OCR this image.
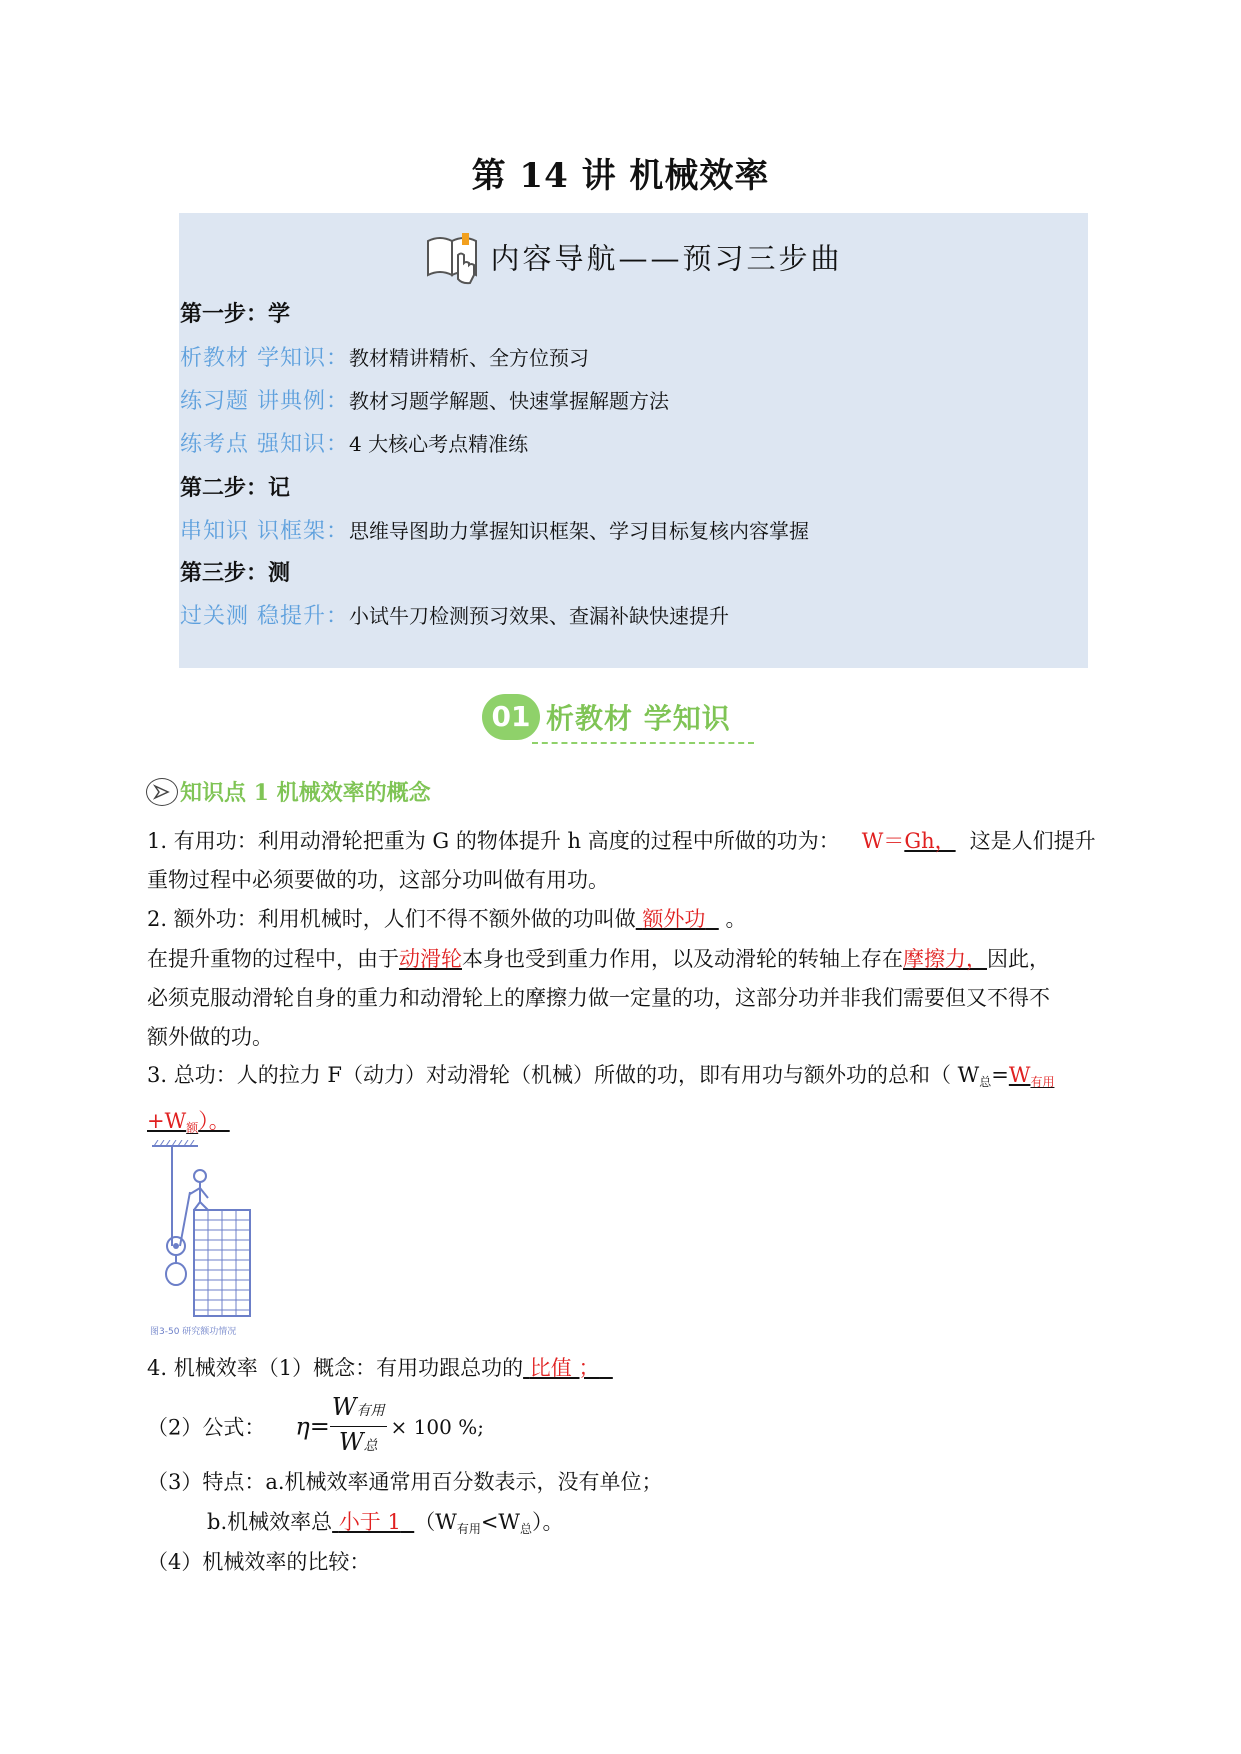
第 14 讲 机械效率
内容导航——预习三步曲
第一步：学
析教材 学知识：教材精讲精析、全方位预习
练习题 讲典例：教材习题学解题、快速掌握解题方法
练考点 强知识：4 大核心考点精准练
第二步：记
串知识 识框架：思维导图助力掌握知识框架、学习目标复核内容掌握
第三步：测
过关测 稳提升：小试牛刀检测预习效果、查漏补缺快速提升
01 析教材 学知识
知识点 1 机械效率的概念
1. 有用功：利用动滑轮把重为 G 的物体提升 h 高度的过程中所做的功为： W＝Gh， 这是人们提升
重物过程中必须要做的功，这部分功叫做有用功。
2. 额外功：利用机械时，人们不得不额外做的功叫做 额外功 。
在提升重物的过程中，由于动滑轮本身也受到重力作用，以及动滑轮的转轴上存在摩擦力，因此，
必须克服动滑轮自身的重力和动滑轮上的摩擦力做一定量的功，这部分功并非我们需要但又不得不
额外做的功。
3. 总功：人的拉力 F（动力）对动滑轮（机械）所做的功，即有用功与额外功的总和（ $W_总=W_{有用}$
$+W_额$）。
图3-50 研究额功情况
4. 机械效率（1）概念：有用功跟总功的 比值 ；
（2）公式： $\eta= \frac{\text{W有用}}{\text{W总}} \times 100$ %;
（3）特点：a.机械效率通常用百分数表示，没有单位；
b.机械效率总 小于 1 $(W_{有用}<W_总)$。
（4）机械效率的比较：
